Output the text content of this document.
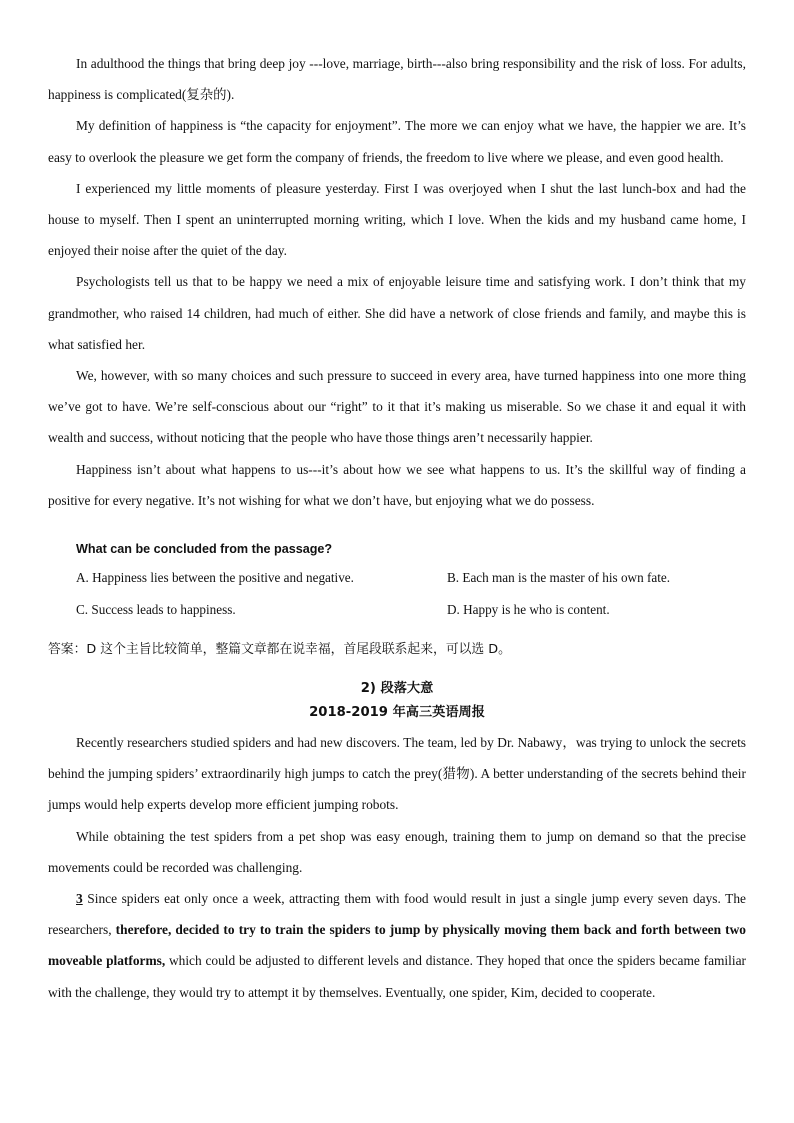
In adulthood the things that bring deep joy ---love, marriage, birth---also bring responsibility and the risk of loss. For adults, happiness is complicated(复杂的).

My definition of happiness is “the capacity for enjoyment”. The more we can enjoy what we have, the happier we are. It’s easy to overlook the pleasure we get form the company of friends, the freedom to live where we please, and even good health.

I experienced my little moments of pleasure yesterday. First I was overjoyed when I shut the last lunch-box and had the house to myself. Then I spent an uninterrupted morning writing, which I love. When the kids and my husband came home, I enjoyed their noise after the quiet of the day.

Psychologists tell us that to be happy we need a mix of enjoyable leisure time and satisfying work. I don’t think that my grandmother, who raised 14 children, had much of either. She did have a network of close friends and family, and maybe this is what satisfied her.

We, however, with so many choices and such pressure to succeed in every area, have turned happiness into one more thing we’ve got to have. We’re self-conscious about our “right” to it that it’s making us miserable. So we chase it and equal it with wealth and success, without noticing that the people who have those things aren’t necessarily happier.

Happiness isn’t about what happens to us---it’s about how we see what happens to us. It’s the skillful way of finding a positive for every negative. It’s not wishing for what we don’t have, but enjoying what we do possess.

What can be concluded from the passage?
A. Happiness lies between the positive and negative.	B. Each man is the master of his own fate.
C. Success leads to happiness.	D. Happy is he who is content.
答案：D 这个主旨比较简单，整篇文章都在说幸福，首尾段联系起来，可以选 D。
2) 段落大意
2018-2019 年高三英语周报

Recently researchers studied spiders and had new discovers. The team, led by Dr. Nabawy，was trying to unlock the secrets behind the jumping spiders’ extraordinarily high jumps to catch the prey(猎物). A better understanding of the secrets behind their jumps would help experts develop more efficient jumping robots.

While obtaining the test spiders from a pet shop was easy enough, training them to jump on demand so that the precise movements could be recorded was challenging.

3 Since spiders eat only once a week, attracting them with food would result in just a single jump every seven days. The researchers, therefore, decided to try to train the spiders to jump by physically moving them back and forth between two moveable platforms, which could be adjusted to different levels and distance. They hoped that once the spiders became familiar with the challenge, they would try to attempt it by themselves. Eventually, one spider, Kim, decided to cooperate.
